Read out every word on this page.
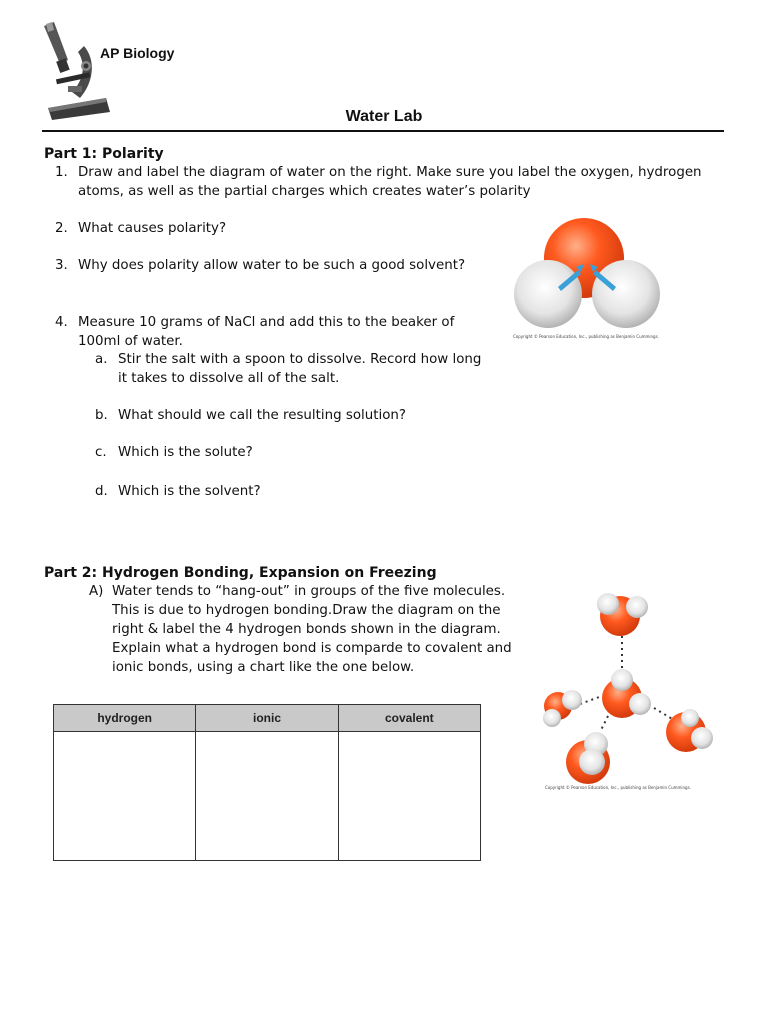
AP Biology
Water Lab
Part 1: Polarity
1. Draw and label the diagram of water on the right. Make sure you label the oxygen, hydrogen
atoms, as well as the partial charges which creates water’s polarity
2. What causes polarity?
3. Why does polarity allow water to be such a good solvent?
4. Measure 10 grams of NaCl and add this to the beaker of
100ml of water.
a. Stir the salt with a spoon to dissolve. Record how long
it takes to dissolve all of the salt.
b. What should we call the resulting solution?
c. Which is the solute?
d. Which is the solvent?
Copyright © Pearson Education, Inc., publishing as Benjamin Cummings.
Part 2: Hydrogen Bonding, Expansion on Freezing
A) Water tends to “hang-out” in groups of the five molecules.
This is due to hydrogen bonding.Draw the diagram on the
right & label the 4 hydrogen bonds shown in the diagram.
Explain what a hydrogen bond is comparde to covalent and
ionic bonds, using a chart like the one below.
hydrogen	ionic	covalent

Copyright © Pearson Education, Inc., publishing as Benjamin Cummings.
